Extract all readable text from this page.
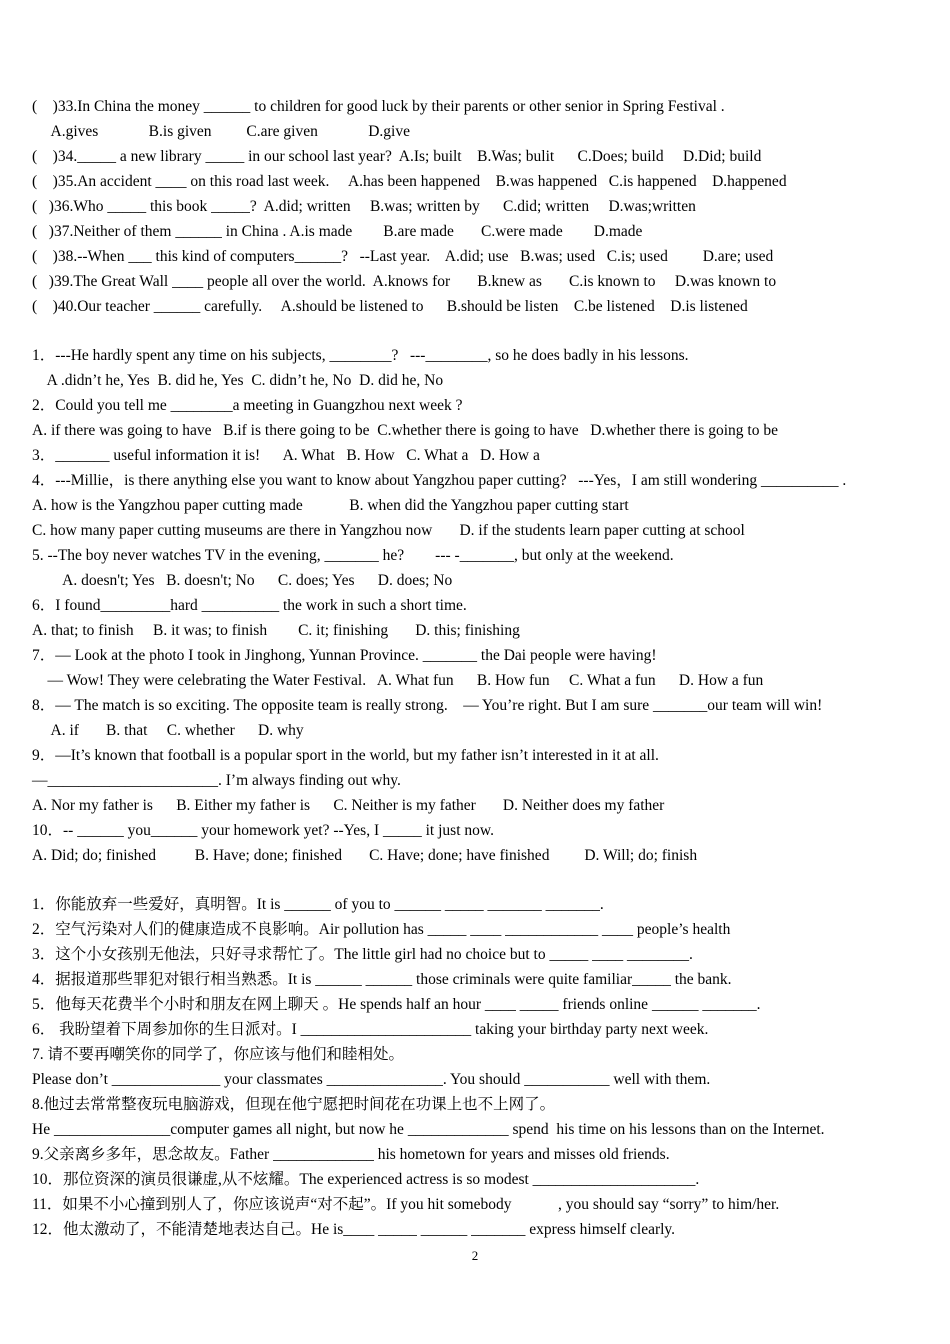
(    )33.In China the money ______ to children for good luck by their parents or other senior in Spring Festival .
A.gives             B.is given         C.are given             D.give
(    )34._____ a new library _____ in our school last year?  A.Is; built    B.Was; bulit      C.Does; build     D.Did; build
(    )35.An accident ____ on this road last week.     A.has been happened    B.was happened   C.is happened    D.happened
(   )36.Who _____ this book _____?  A.did; written     B.was; written by      C.did; written     D.was;written
(   )37.Neither of them ______ in China . A.is made        B.are made       C.were made        D.made
(    )38.--When ___ this kind of computers______?   --Last year.    A.did; use   B.was; used   C.is; used         D.are; used
(   )39.The Great Wall ____ people all over the world.  A.knows for       B.knew as       C.is known to     D.was known to
(    )40.Our teacher ______ carefully.     A.should be listened to      B.should be listen    C.be listened    D.is listened
1．---He hardly spent any time on his subjects, ________?   ---________, so he does badly in his lessons.
A .didn’t he, Yes  B. did he, Yes  C. didn’t he, No  D. did he, No
2．Could you tell me ________a meeting in Guangzhou next week ?
A. if there was going to have   B.if is there going to be  C.whether there is going to have   D.whether there is going to be
3．_______ useful information it is!      A. What   B. How   C. What a   D. How a
4．---Millie，is there anything else you want to know about Yangzhou paper cutting?   ---Yes，I am still wondering __________ .
A. how is the Yangzhou paper cutting made            B. when did the Yangzhou paper cutting start
C. how many paper cutting museums are there in Yangzhou now       D. if the students learn paper cutting at school
5. --The boy never watches TV in the evening, _______ he?        --- -_______, but only at the weekend.
A. doesn't; Yes   B. doesn't; No      C. does; Yes      D. does; No
6．I found_________hard __________ the work in such a short time.
A. that; to finish     B. it was; to finish        C. it; finishing       D. this; finishing
7．— Look at the photo I took in Jinghong, Yunnan Province. _______ the Dai people were having!
— Wow! They were celebrating the Water Festival.   A. What fun      B. How fun     C. What a fun      D. How a fun
8．— The match is so exciting. The opposite team is really strong.    — You’re right. But I am sure _______our team will win!
A. if       B. that     C. whether      D. why
9．—It’s known that football is a popular sport in the world, but my father isn’t interested in it at all.
—______________________. I’m always finding out why.
A. Nor my father is      B. Either my father is      C. Neither is my father       D. Neither does my father
10．-- ______ you______ your homework yet? --Yes, I _____ it just now.
A. Did; do; finished          B. Have; done; finished       C. Have; done; have finished         D. Will; do; finish
1．你能放弃一些爱好，真明智。It is ______ of you to ______ _____ _______ _______.
2．空气污染对人们的健康造成不良影响。Air pollution has _____ ____ ____________ ____ people’s health
3．这个小女孩别无他法，只好寻求帮忙了。The little girl had no choice but to _____ ____ ________.
4．据报道那些罪犯对银行相当熟悉。It is ______ ______ those criminals were quite familiar_____ the bank.
5．他每天花费半个小时和朋友在网上聊天 。He spends half an hour ____ _____ friends online ______ _______.
6． 我盼望着下周参加你的生日派对。I ______________________ taking your birthday party next week.
7. 请不要再嘲笑你的同学了，你应该与他们和睦相处。
Please don’t ______________ your classmates _______________. You should ___________ well with them.
8.他过去常常整夜玩电脑游戏，但现在他宁愿把时间花在功课上也不上网了。
He _______________computer games all night, but now he _____________ spend  his time on his lessons than on the Internet.
9.父亲离乡多年，思念故友。Father _____________ his hometown for years and misses old friends.
10．那位资深的演员很谦虚,从不炫耀。The experienced actress is so modest _____________________.
11．如果不小心撞到别人了，你应该说声“对不起”。If you hit somebody            , you should say “sorry” to him/her.
12．他太激动了，不能清楚地表达自己。He is____ _____ ______ _______ express himself clearly.
2
